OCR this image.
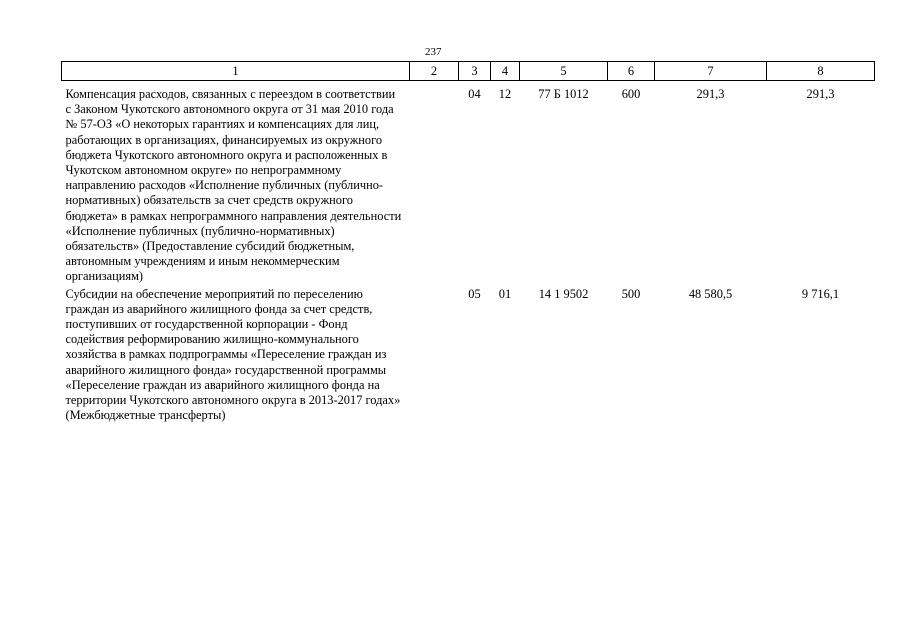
237
1	2	3	4	5	6	7	8
Компенсация расходов, связанных с переездом в соответствии с Законом Чукотского автономного округа от 31 мая 2010 года № 57-ОЗ «О некоторых гарантиях и компенсациях для лиц, работающих в организациях, финансируемых из окружного бюджета Чукотского автономного округа и расположенных в Чукотском автономном округе» по непрограммному направлению расходов «Исполнение публичных (публично-нормативных) обязательств за счет средств окружного бюджета» в рамках непрограммного направления деятельности «Исполнение публичных (публично-нормативных) обязательств» (Предоставление субсидий бюджетным, автономным учреждениям и иным некоммерческим организациям)		04	12	77 Б 1012	600	291,3	291,3
Субсидии на обеспечение мероприятий по переселению граждан из аварийного жилищного фонда за счет средств, поступивших от государственной корпорации - Фонд содействия реформированию жилищно-коммунального хозяйства в рамках подпрограммы «Переселение граждан из аварийного жилищного фонда» государственной программы «Переселение граждан из аварийного жилищного фонда на территории Чукотского автономного округа в 2013-2017 годах» (Межбюджетные трансферты)		05	01	14 1 9502	500	48 580,5	9 716,1
